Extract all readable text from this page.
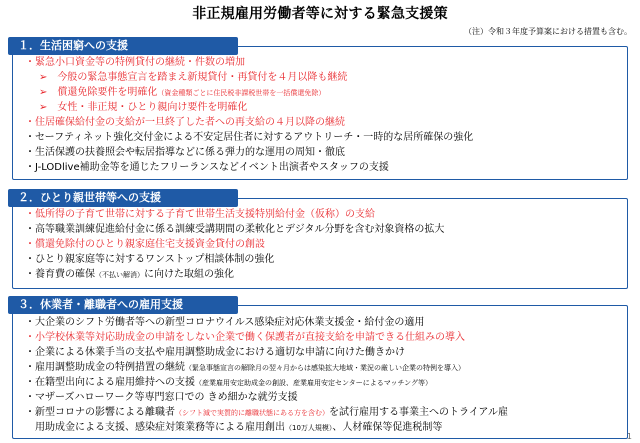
非正規雇用労働者等に対する緊急支援策
（注）令和３年度予算案における措置も含む。
１．生活困窮への支援
・緊急小口資金等の特例貸付の継続・件数の増加
➢　今般の緊急事態宣言を踏まえ新規貸付・再貸付を４月以降も継続
➢　償還免除要件を明確化（資金種類ごとに住民税非課税世帯を一括償還免除）
➢　女性・非正規・ひとり親向け要件を明確化
・住居確保給付金の支給が一旦終了した者への再支給の４月以降の継続
・セーフティネット強化交付金による不安定居住者に対するアウトリーチ・一時的な居所確保の強化
・生活保護の扶養照会や転居指導などに係る弾力的な運用の周知・徹底
・J-LODlive補助金等を通じたフリーランスなどイベント出演者やスタッフの支援
２．ひとり親世帯等への支援
・低所得の子育て世帯に対する子育て世帯生活支援特別給付金（仮称）の支給
・高等職業訓練促進給付金に係る訓練受講期間の柔軟化とデジタル分野を含む対象資格の拡大
・償還免除付のひとり親家庭住宅支援資金貸付の創設
・ひとり親家庭等に対するワンストップ相談体制の強化
・養育費の確保（不払い解消）に向けた取組の強化
３．休業者・離職者への雇用支援
・大企業のシフト労働者等への新型コロナウイルス感染症対応休業支援金・給付金の適用
・小学校休業等対応助成金の申請をしない企業で働く保護者が直接支給を申請できる仕組みの導入
・企業による休業手当の支払や雇用調整助成金における適切な申請に向けた働きかけ
・雇用調整助成金の特例措置の継続（緊急事態宣言の解除月の翌々月からは感染拡大地域・業況の厳しい企業の特例を導入）
・在籍型出向による雇用維持への支援（産業雇用安定助成金の創設、産業雇用安定センターによるマッチング等）
・マザーズハローワーク等専門窓口での きめ細かな就労支援
・新型コロナの影響による離職者（シフト減で実質的に離職状態にある方を含む）を試行雇用する事業主へのトライアル雇
　用助成金による支援、感染症対策業務等による雇用創出（10万人規模）、人材確保等促進税制等
1
